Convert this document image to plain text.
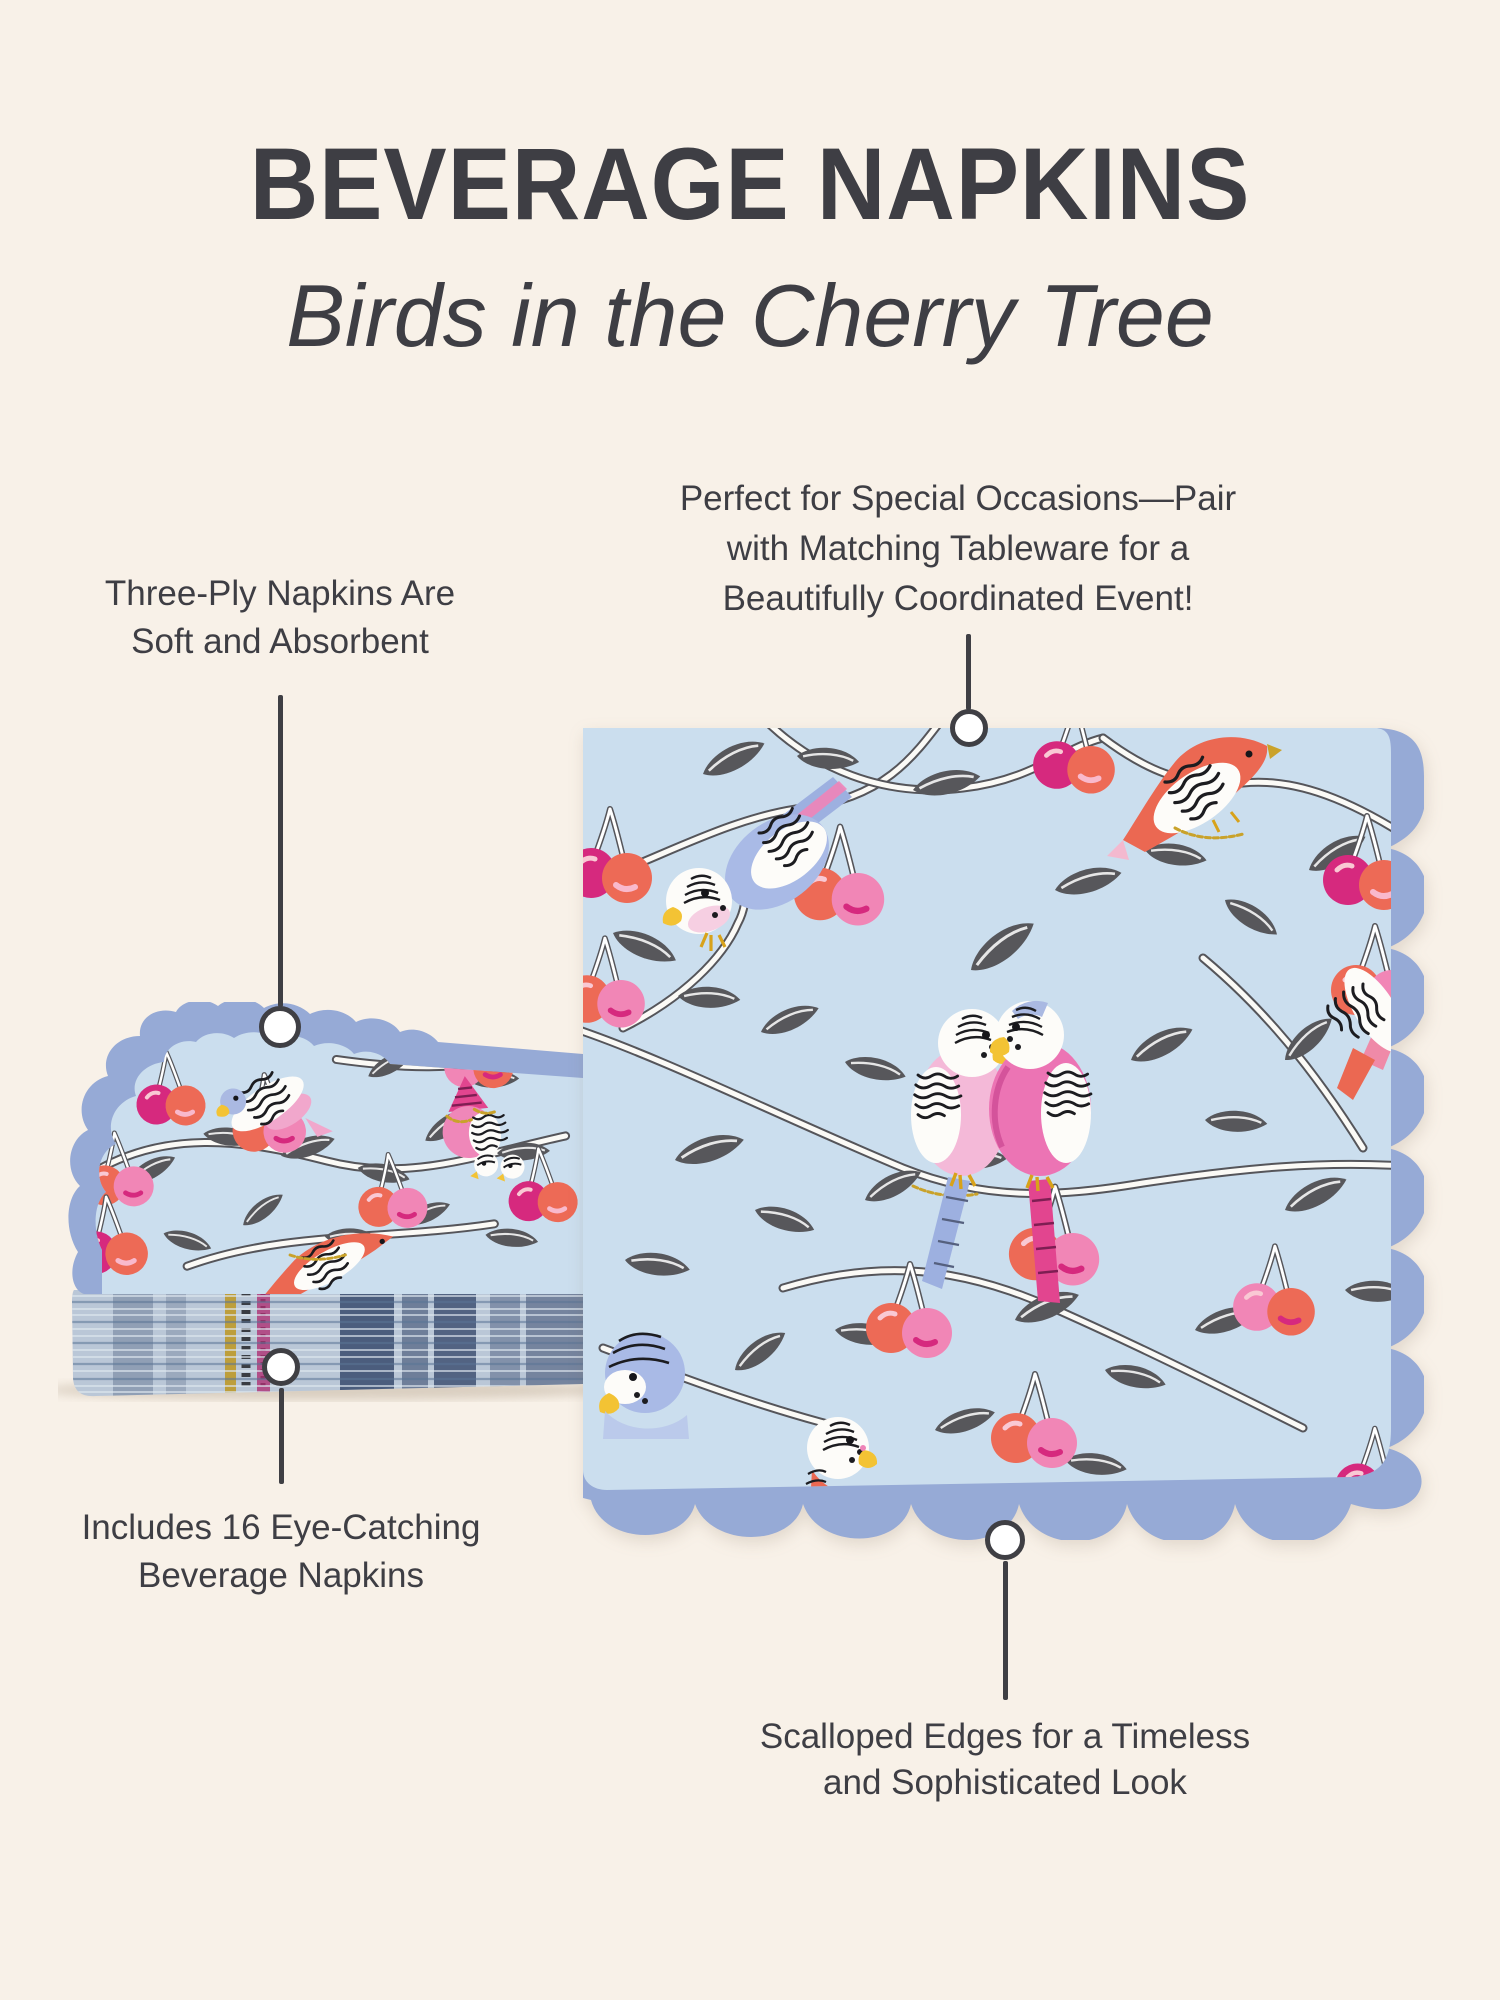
BEVERAGE NAPKINS
Birds in the Cherry Tree
Three-Ply Napkins Are
Soft and Absorbent
Perfect for Special Occasions—Pair
with Matching Tableware for a
Beautifully Coordinated Event!
Includes 16 Eye-Catching
Beverage Napkins
Scalloped Edges for a Timeless
and Sophisticated Look
